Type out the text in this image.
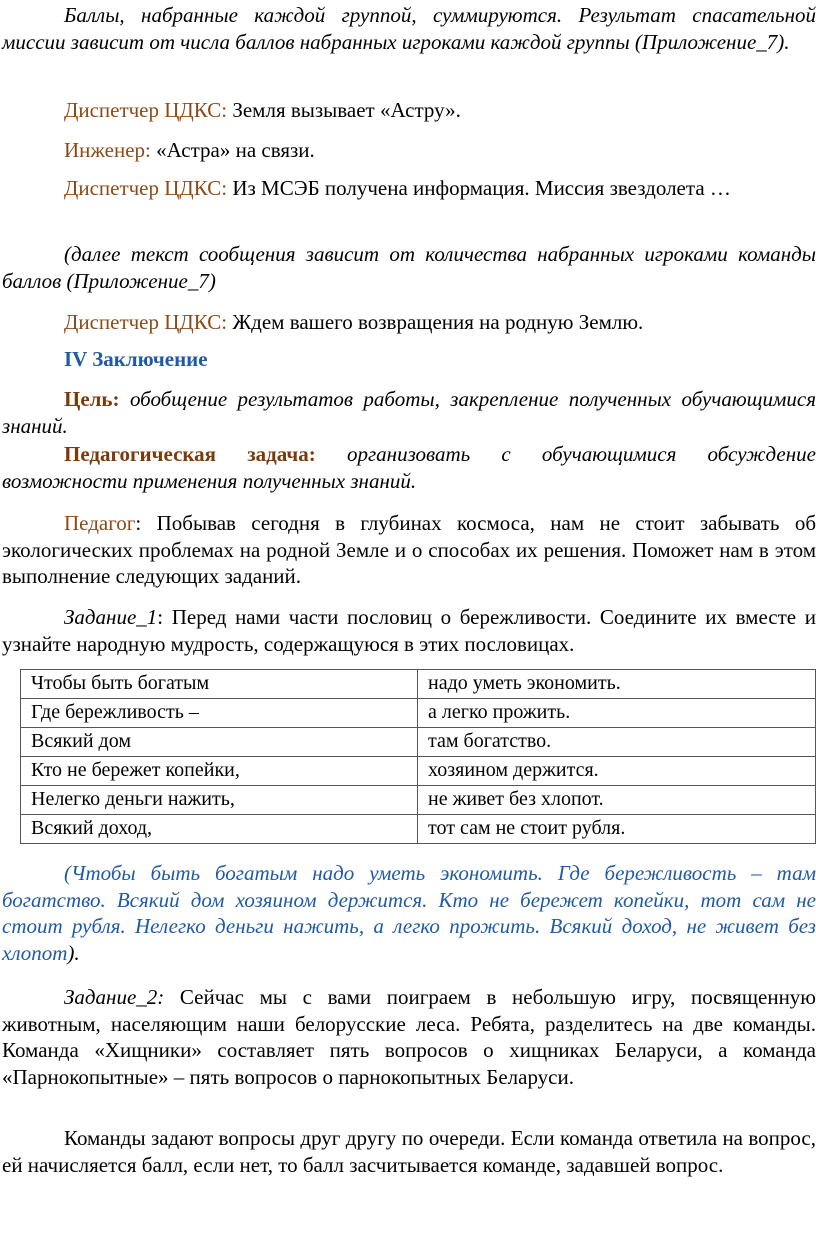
Баллы, набранные каждой группой, суммируются. Результат спасательной миссии зависит от числа баллов набранных игроками каждой группы (Приложение_7).

Диспетчер ЦДКС: Земля вызывает «Астру».

Инженер: «Астра» на связи.

Диспетчер ЦДКС: Из МСЭБ получена информация. Миссия звездолета …

(далее текст сообщения зависит от количества набранных игроками команды баллов (Приложение_7)

Диспетчер ЦДКС: Ждем вашего возвращения на родную Землю.

IV Заключение

Цель: обобщение результатов работы, закрепление полученных обучающимися знаний.

Педагогическая задача: организовать с обучающимися обсуждение возможности применения полученных знаний.

Педагог: Побывав сегодня в глубинах космоса, нам не стоит забывать об экологических проблемах на родной Земле и о способах их решения. Поможет нам в этом выполнение следующих заданий.

Задание_1: Перед нами части пословиц о бережливости. Соедините их вместе и узнайте народную мудрость, содержащуюся в этих пословицах.

Чтобы быть богатым	надо уметь экономить.
Где бережливость –	а легко прожить.
Всякий дом	там богатство.
Кто не бережет копейки,	хозяином держится.
Нелегко деньги нажить,	не живет без хлопот.
Всякий доход,	тот сам не стоит рубля.

(Чтобы быть богатым надо уметь экономить. Где бережливость – там богатство. Всякий дом хозяином держится. Кто не бережет копейки, тот сам не стоит рубля. Нелегко деньги нажить, а легко прожить. Всякий доход, не живет без хлопот).

Задание_2: Сейчас мы с вами поиграем в небольшую игру, посвященную животным, населяющим наши белорусские леса. Ребята, разделитесь на две команды. Команда «Хищники» составляет пять вопросов о хищниках Беларуси, а команда «Парнокопытные» – пять вопросов о парнокопытных Беларуси.

Команды задают вопросы друг другу по очереди. Если команда ответила на вопрос, ей начисляется балл, если нет, то балл засчитывается команде, задавшей вопрос.
